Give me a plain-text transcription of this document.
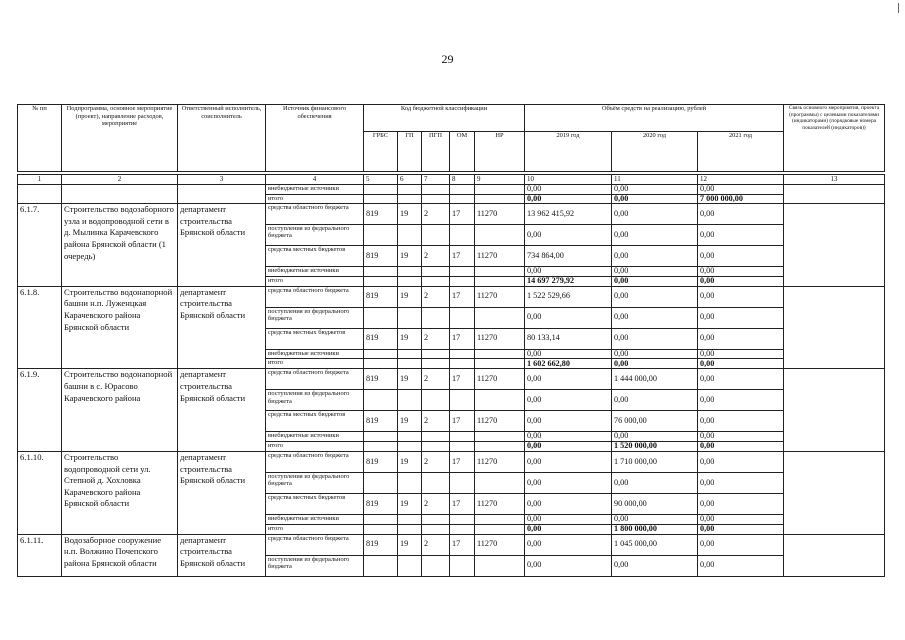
29
№ пп	Подпрограмма, основное мероприятие (проект), направление расходов, мероприятие	Ответственный исполнитель, соисполнитель	Источник финансового обеспечения	Код бюджетной классификации					Объём средств на реализацию, рублей			Связь основного мероприятия, проекта (программы) с целевыми показателями (индикаторами) (порядковые номера показателей (индикаторов))
				ГРБС	ГП	ПГП	ОМ	НР	2019 год	2020 год	2021 год	

1	2	3	4	5	6	7	8	9	10	11	12	13
			внебюджетные источники						0,00	0,00	0,00	
			итого						0,00	0,00	7 000 000,00	
6.1.7.	Строительство водозаборного узла и водопроводной сети в д. Мылинка Карачевского района Брянской области (1 очередь)	департамент строительства Брянской области	средства областного бюджета	819	19	2	17	11270	13 962 415,92	0,00	0,00	
			поступления из федерального бюджета						0,00	0,00	0,00	
			средства местных бюджетов	819	19	2	17	11270	734 864,00	0,00	0,00	
			внебюджетные источники						0,00	0,00	0,00	
			итого						14 697 279,92	0,00	0,00	
6.1.8.	Строительство водонапорной башни н.п. Луженцкая Карачевского района Брянской области	департамент строительства Брянской области	средства областного бюджета	819	19	2	17	11270	1 522 529,66	0,00	0,00	
			поступления из федерального бюджета						0,00	0,00	0,00	
			средства местных бюджетов	819	19	2	17	11270	80 133,14	0,00	0,00	
			внебюджетные источники						0,00	0,00	0,00	
			итого						1 602 662,80	0,00	0,00	
6.1.9.	Строительство водонапорной башни в с. Юрасово Карачевского района	департамент строительства Брянской области	средства областного бюджета	819	19	2	17	11270	0,00	1 444 000,00	0,00	
			поступления из федерального бюджета						0,00	0,00	0,00	
			средства местных бюджетов	819	19	2	17	11270	0,00	76 000,00	0,00	
			внебюджетные источники						0,00	0,00	0,00	
			итого						0,00	1 520 000,00	0,00	
6.1.10.	Строительство водопроводной сети ул. Степной д. Хохловка Карачевского района Брянской области	департамент строительства Брянской области	средства областного бюджета	819	19	2	17	11270	0,00	1 710 000,00	0,00	
			поступления из федерального бюджета						0,00	0,00	0,00	
			средства местных бюджетов	819	19	2	17	11270	0,00	90 000,00	0,00	
			внебюджетные источники						0,00	0,00	0,00	
			итого						0,00	1 800 000,00	0,00	
6.1.11.	Водозаборное сооружение н.п. Волжино Почепского района Брянской области	департамент строительства Брянской области	средства областного бюджета	819	19	2	17	11270	0,00	1 045 000,00	0,00	
			поступления из федерального бюджета						0,00	0,00	0,00	
